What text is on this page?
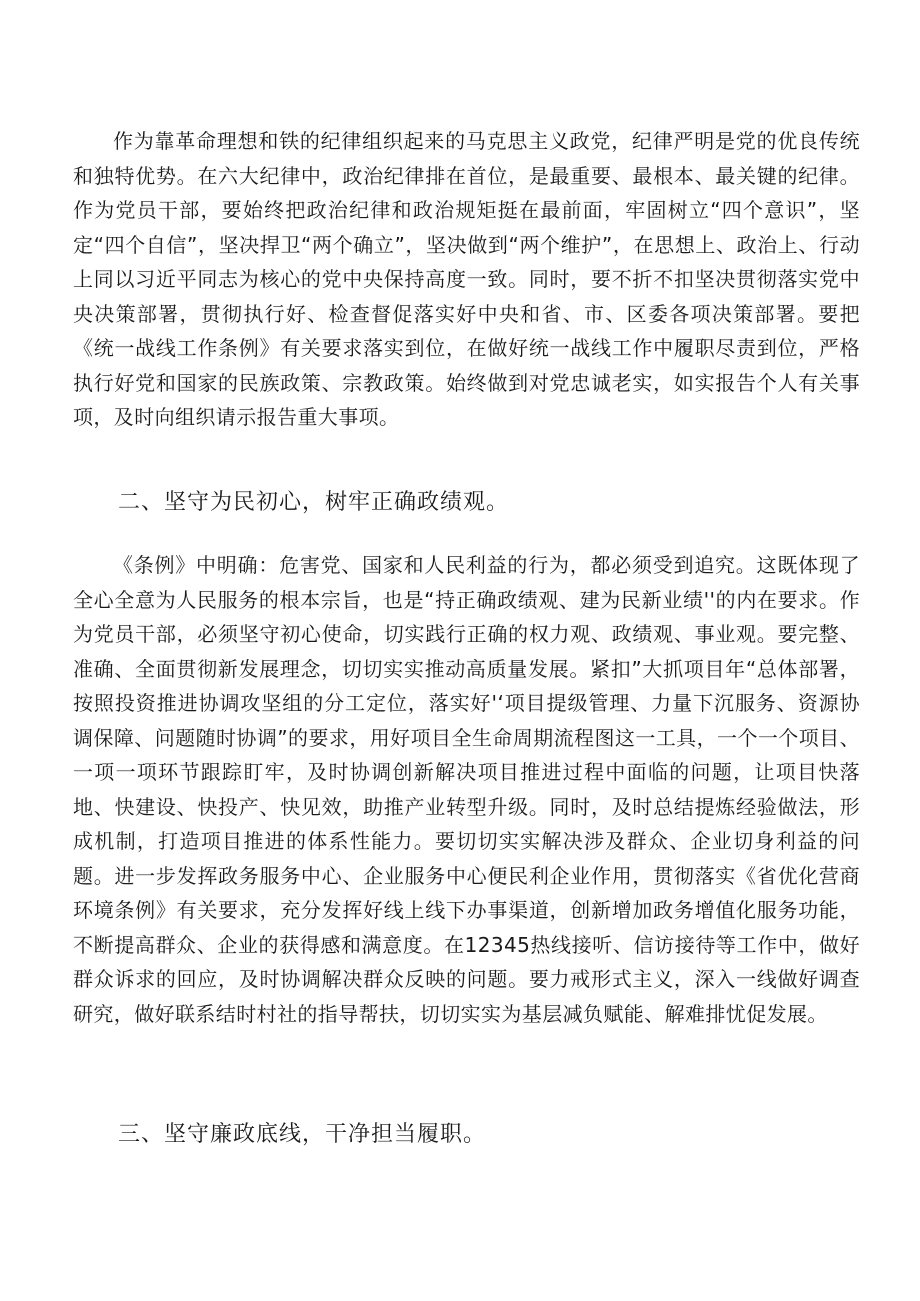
作为靠革命理想和铁的纪律组织起来的马克思主义政党，纪律严明是党的优良传统和独特优势。在六大纪律中，政治纪律排在首位，是最重要、最根本、最关键的纪律。作为党员干部，要始终把政治纪律和政治规矩挺在最前面，牢固树立“四个意识”，坚定“四个自信”，坚决捍卫“两个确立”，坚决做到“两个维护”，在思想上、政治上、行动上同以习近平同志为核心的党中央保持高度一致。同时，要不折不扣坚决贯彻落实党中央决策部署，贯彻执行好、检查督促落实好中央和省、市、区委各项决策部署。要把《统一战线工作条例》有关要求落实到位，在做好统一战线工作中履职尽责到位，严格执行好党和国家的民族政策、宗教政策。始终做到对党忠诚老实，如实报告个人有关事项，及时向组织请示报告重大事项。

二、坚守为民初心，树牢正确政绩观。

《条例》中明确：危害党、国家和人民利益的行为，都必须受到追究。这既体现了全心全意为人民服务的根本宗旨，也是“持正确政绩观、建为民新业绩''的内在要求。作为党员干部，必须坚守初心使命，切实践行正确的权力观、政绩观、事业观。要完整、准确、全面贯彻新发展理念，切切实实推动高质量发展。紧扣”大抓项目年“总体部署，按照投资推进协调攻坚组的分工定位，落实好'‘项目提级管理、力量下沉服务、资源协调保障、问题随时协调”的要求，用好项目全生命周期流程图这一工具，一个一个项目、一项一项环节跟踪盯牢，及时协调创新解决项目推进过程中面临的问题，让项目快落地、快建设、快投产、快见效，助推产业转型升级。同时，及时总结提炼经验做法，形成机制，打造项目推进的体系性能力。要切切实实解决涉及群众、企业切身利益的问题。进一步发挥政务服务中心、企业服务中心便民利企业作用，贯彻落实《省优化营商环境条例》有关要求，充分发挥好线上线下办事渠道，创新增加政务增值化服务功能，不断提高群众、企业的获得感和满意度。在12345热线接听、信访接待等工作中，做好群众诉求的回应，及时协调解决群众反映的问题。要力戒形式主义，深入一线做好调查研究，做好联系结时村社的指导帮扶，切切实实为基层减负赋能、解难排忧促发展。

三、坚守廉政底线，干净担当履职。
